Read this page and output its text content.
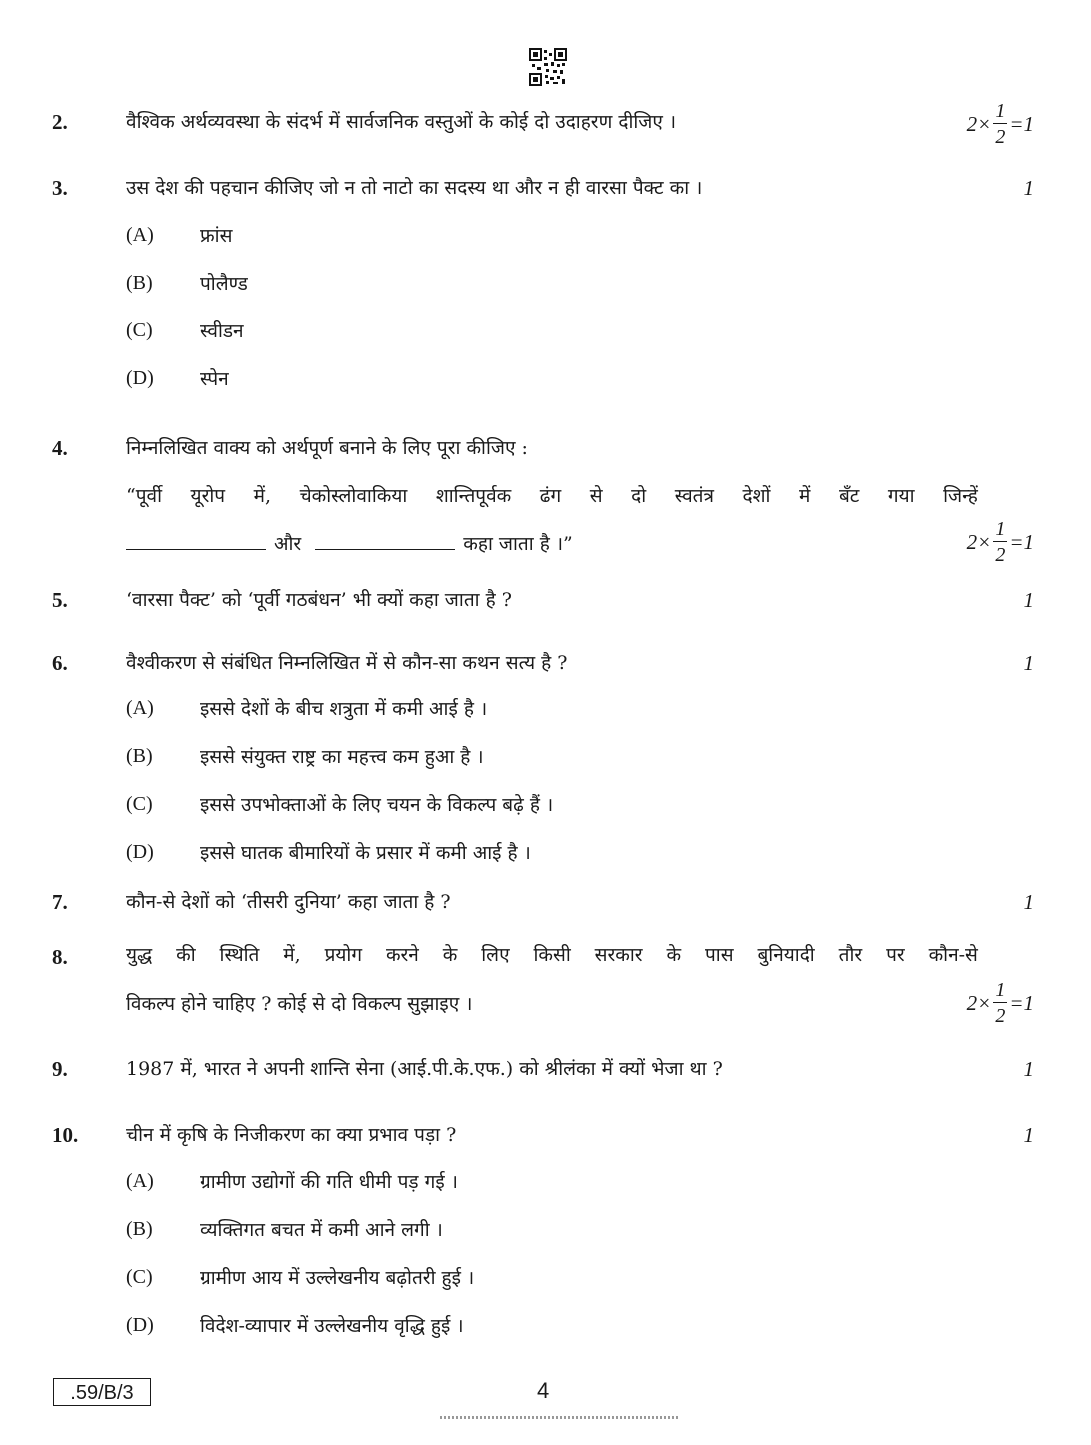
2.	वैश्विक अर्थव्यवस्था के संदर्भ में सार्वजनिक वस्तुओं के कोई दो उदाहरण दीजिए ।	$2\times \frac{1}{2} =1$
3.	उस देश की पहचान कीजिए जो न तो नाटो का सदस्य था और न ही वारसा पैक्ट का ।	1
(A) फ्रांस
(B) पोलैण्ड
(C) स्वीडन
(D) स्पेन
4.	निम्नलिखित वाक्य को अर्थपूर्ण बनाने के लिए पूरा कीजिए :
“पूर्वी यूरोप में, चेकोस्लोवाकिया शान्तिपूर्वक ढंग से दो स्वतंत्र देशों में बँट गया जिन्हें
और	कहा जाता है ।”	$2\times \frac{1}{2} =1$
5.	‘वारसा पैक्ट’ को ‘पूर्वी गठबंधन’ भी क्यों कहा जाता है ?	1
6.	वैश्वीकरण से संबंधित निम्नलिखित में से कौन-सा कथन सत्य है ?	1
(A) इससे देशों के बीच शत्रुता में कमी आई है ।
(B) इससे संयुक्त राष्ट्र का महत्त्व कम हुआ है ।
(C) इससे उपभोक्ताओं के लिए चयन के विकल्प बढ़े हैं ।
(D) इससे घातक बीमारियों के प्रसार में कमी आई है ।
7.	कौन-से देशों को ‘तीसरी दुनिया’ कहा जाता है ?	1
8.	युद्ध की स्थिति में, प्रयोग करने के लिए किसी सरकार के पास बुनियादी तौर पर कौन-से
विकल्प होने चाहिए ? कोई से दो विकल्प सुझाइए ।	$2\times \frac{1}{2} =1$
9.	1987 में, भारत ने अपनी शान्ति सेना (आई.पी.के.एफ.) को श्रीलंका में क्यों भेजा था ?	1
10.	चीन में कृषि के निजीकरण का क्या प्रभाव पड़ा ?	1
(A) ग्रामीण उद्योगों की गति धीमी पड़ गई ।
(B) व्यक्तिगत बचत में कमी आने लगी ।
(C) ग्रामीण आय में उल्लेखनीय बढ़ोतरी हुई ।
(D) विदेश-व्यापार में उल्लेखनीय वृद्धि हुई ।
.59/B/3	4
